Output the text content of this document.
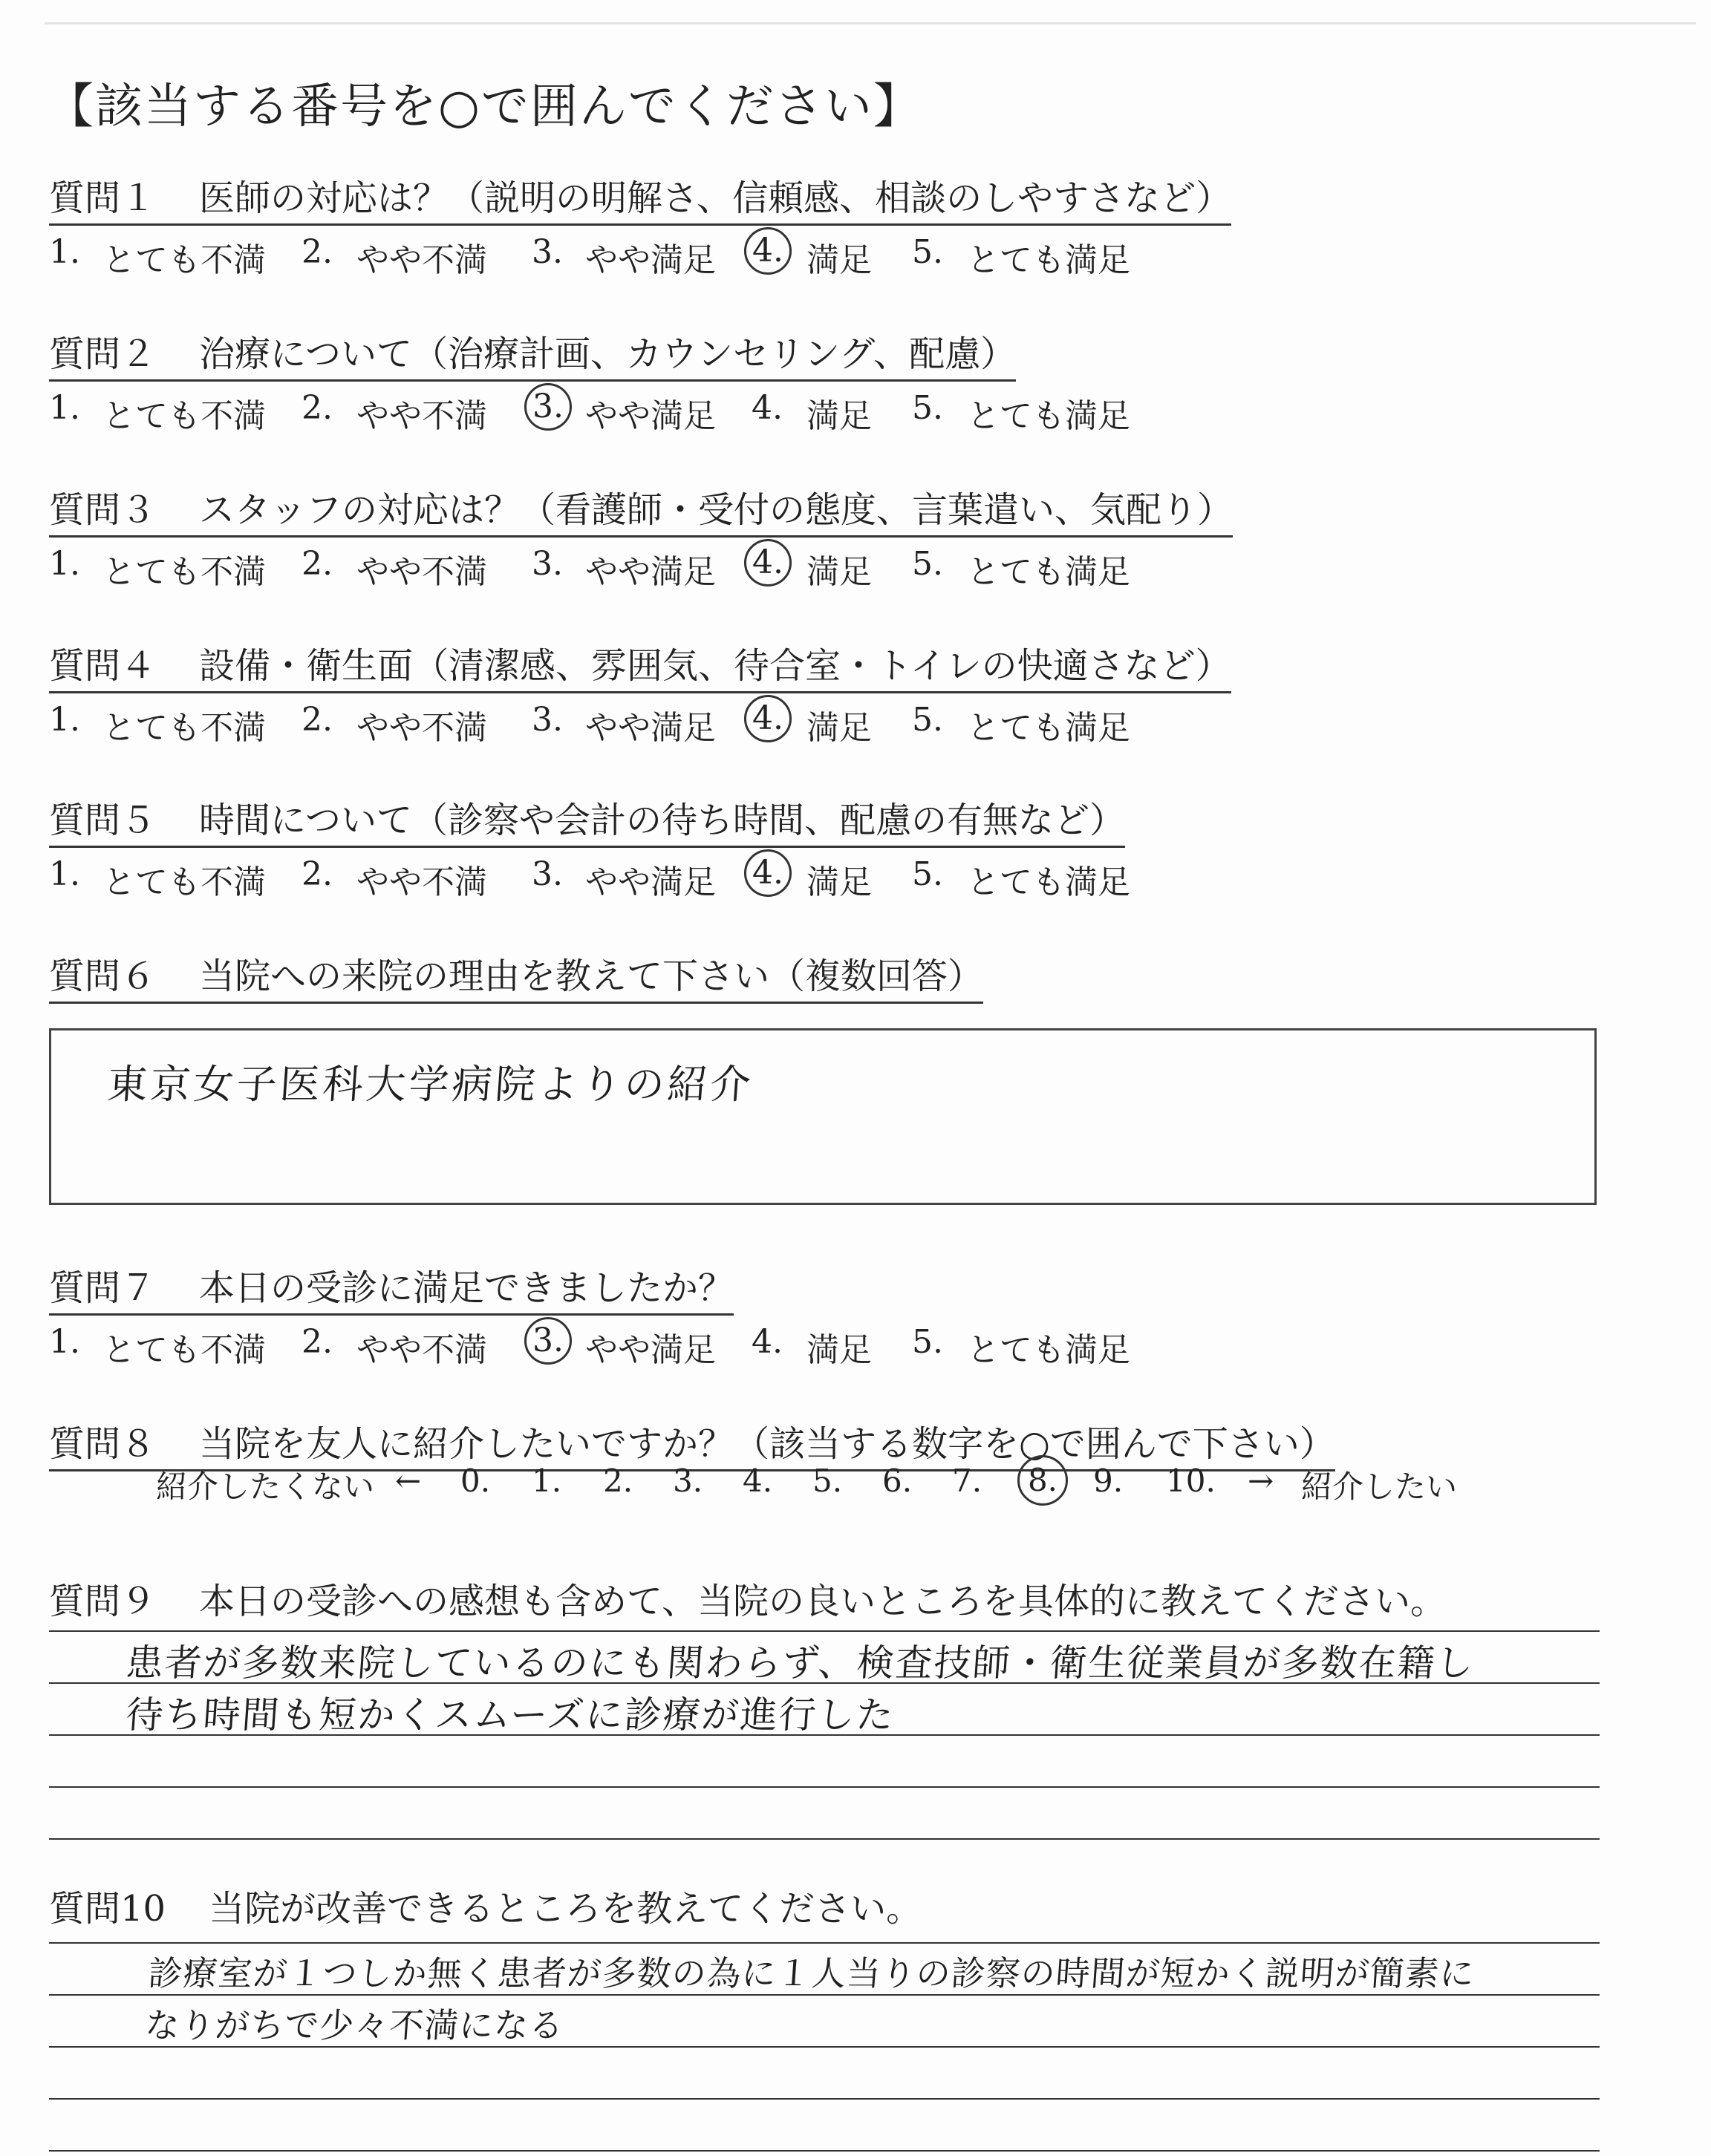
【該当する番号を○で囲んでください】
質問１ 医師の対応は？（説明の明解さ、信頼感、相談のしやすさなど）
1. とても不満 2. やや不満 3. やや満足 4. 満足 5. とても満足
質問２ 治療について（治療計画、カウンセリング、配慮）
1. とても不満 2. やや不満 3. やや満足 4. 満足 5. とても満足
質問３ スタッフの対応は？（看護師・受付の態度、言葉遣い、気配り）
1. とても不満 2. やや不満 3. やや満足 4. 満足 5. とても満足
質問４ 設備・衛生面（清潔感、雰囲気、待合室・トイレの快適さなど）
1. とても不満 2. やや不満 3. やや満足 4. 満足 5. とても満足
質問５ 時間について（診察や会計の待ち時間、配慮の有無など）
1. とても不満 2. やや不満 3. やや満足 4. 満足 5. とても満足
質問６ 当院への来院の理由を教えて下さい（複数回答）
東京女子医科大学病院よりの紹介
質問７ 本日の受診に満足できましたか？
1. とても不満 2. やや不満 3. やや満足 4. 満足 5. とても満足
質問８ 当院を友人に紹介したいですか？（該当する数字を○で囲んで下さい）
紹介したくない ←	→ 紹介したい
0. 1. 2. 3. 4. 5. 6. 7.	8.	9. 10.
質問９ 本日の受診への感想も含めて、当院の良いところを具体的に教えてください。
患者が多数来院しているのにも関わらず、検査技師・衛生従業員が多数在籍し
待ち時間も短かくスムーズに診療が進行した
質問10 当院が改善できるところを教えてください。
診療室が１つしか無く患者が多数の為に１人当りの診察の時間が短かく説明が簡素に
なりがちで少々不満になる
